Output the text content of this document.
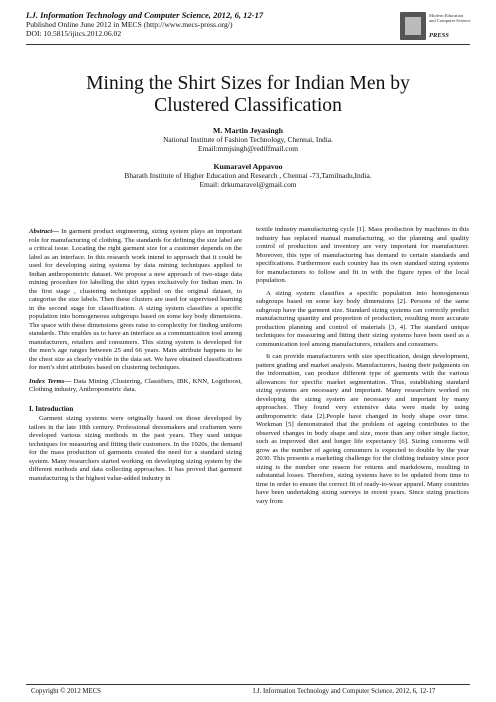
I.J. Information Technology and Computer Science, 2012, 6, 12-17
Published Online June 2012 in MECS (http://www.mecs-press.org/)
DOI: 10.5815/ijitcs.2012.06.02
Modern Education and Computer Science
PRESS
Mining the Shirt Sizes for Indian Men by
Clustered Classification
M. Martin Jeyasingh
National Institute of Fashion Technology, Chennai, India.
Email:mmjsingh@rediffmail.com
Kumaravel Appavoo
Bharath Institute of Higher Education and Research , Chennai -73,Tamilnadu,India.
Email: drkumaravel@gmail.com

Abstract— In garment product engineering, sizing system plays an important role for manufacturing of clothing. The standards for defining the size label are a critical issue. Locating the right garment size for a customer depends on the label as an interface. In this research work intend to approach that it could be used for developing sizing systems by data mining techniques applied to Indian anthropometric dataset. We propose a new approach of two-stage data mining procedure for labelling the shirt types exclusively for Indian men. In the first stage , clustering technique applied on the original dataset, to categorise the size labels. Then these clusters are used for supervised learning in the second stage for classification. A sizing system classifies a specific population into homogeneous subgroups based on some key body dimensions. The space with these dimensions gives raise to complexity for finding uniform standards. This enables us to have an interface as a communication tool among manufacturers, retailers and consumers. This sizing system is developed for the men’s age ranges between 25 and 66 years. Main attribute happens to be the chest size as clearly visible in the data set. We have obtained classifications for men’s shirt attributes based on clustering techniques.

Index Terms— Data Mining ,Clustering, Classifiers, IBK, KNN, Logitboost, Clothing industry, Anthropometric data.

I. Introduction

Garment sizing systems were originally based on those developed by tailors in the late 18th century. Professional dressmakers and craftsmen were developed various sizing methods in the past years. They used unique techniques for measuring and fitting their customers. In the 1920s, the demand for the mass production of garments created the need for a standard sizing system. Many researchers started working on developing sizing system by the different methods and data collecting approaches. It has proved that garment manufacturing is the highest value-added industry in

textile industry manufacturing cycle [1]. Mass production by machines in this industry has replaced manual manufacturing, so the planning and quality control of production and inventory are very important for manufacturer. Moreover, this type of manufacturing has demand to certain standards and specifications. Furthermore each country has its own standard sizing systems for manufacturers to follow and fit in with the figure types of the local population.

A sizing system classifies a specific population into homogeneous subgroups based on some key body dimensions [2]. Persons of the same subgroup have the garment size. Standard sizing systems can correctly predict manufacturing quantity and proportion of production, resulting more accurate production planning and control of materials [3, 4]. The standard unique techniques for measuring and fitting their sizing systems have been used as a communication tool among manufacturers, retailers and consumers.

It can provide manufacturers with size specification, design development, pattern grading and market analysis. Manufacturers, basing their judgments on the information, can produce different type of garments with the various allowances for specific market segmentation. Thus, establishing standard sizing systems are necessary and important. Many researchers worked on developing the sizing system are necessary and important by many approaches. They found very extensive data were made by using anthropometric data [2].People have changed in body shape over time. Workman [5] demonstrated that the problem of ageing contributes to the observed changes in body shape and size, more than any other single factor, such as improved diet and longer life expectancy [6]. Sizing concerns will grow as the number of ageing consumers is expected to double by the year 2030. This presents a marketing challenge for the clothing industry since poor sizing is the number one reason for returns and markdowns, resulting in substantial losses. Therefore, sizing systems have to be updated from time to time in order to ensure the correct fit of ready-to-wear apparel. Many countries have been undertaking sizing surveys in recent years. Since sizing practices vary from

Copyright © 2012 MECS	I.J. Information Technology and Computer Science, 2012, 6, 12-17
